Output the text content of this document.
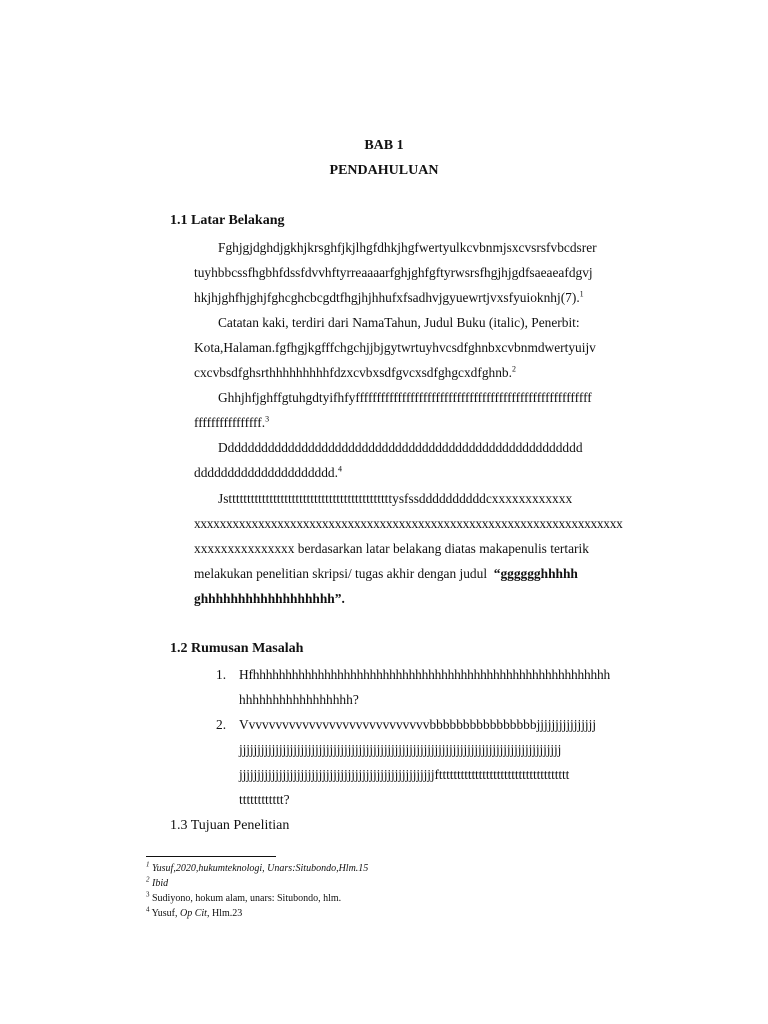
BAB 1
PENDAHULUAN
1.1 Latar Belakang
Fghjgjdghdjgkhjkrsghfjkjlhgfdhkjhgfwertyulkcvbnmjsxcvsrsfvbcdsrer
tuyhbbcssfhgbhfdssfdvvhftyrreaaaarfghjghfgftyrwsrsfhgjhjgdfsaeaeafdgvj
hkjhjghfhjghjfghcghcbcgdtfhgjhjhhufxfsadhvjgyuewrtjvxsfyuioknhj(7).$^1$
Catatan kaki, terdiri dari NamaTahun, Judul Buku (italic), Penerbit:
Kota,Halaman.fgfhgjkgfffchgchjjbjgytwrtuyhvcsdfghnbxcvbnmdwertyuijv
cxcvbsdfghsrthhhhhhhhhfdzxcvbxsdfgvcxsdfghgcxdfghnb.$^2$
Ghhjhfjghffgtuhgdtyifhfyffffffffffffffffffffffffffffffffffffffffffffffffffffffff
ffffffffffffffff.$^3$
Dddddddddddddddddddddddddddddddddddddddddddddddddddddd
ddddddddddddddddddddd.$^4$
Jsttttttttttttttttttttttttttttttttttttttttttttysfssddddddddddcxxxxxxxxxxxx
xxxxxxxxxxxxxxxxxxxxxxxxxxxxxxxxxxxxxxxxxxxxxxxxxxxxxxxxxxxxxxxxxxx
xxxxxxxxxxxxxxx berdasarkan latar belakang diatas makapenulis tertarik
melakukan penelitian skripsi/ tugas akhir dengan judul “gggggghhhhh
ghhhhhhhhhhhhhhhhhh”.
1.2 Rumusan Masalah
1. Hfhhhhhhhhhhhhhhhhhhhhhhhhhhhhhhhhhhhhhhhhhhhhhhhhhhhhhhh
hhhhhhhhhhhhhhhhh?
2. Vvvvvvvvvvvvvvvvvvvvvvvvvvvvbbbbbbbbbbbbbbbbjjjjjjjjjjjjjjjj
jjjjjjjjjjjjjjjjjjjjjjjjjjjjjjjjjjjjjjjjjjjjjjjjjjjjjjjjjjjjjjjjjjjjjjjjjjjjjjjjjjjjjjjjj
jjjjjjjjjjjjjjjjjjjjjjjjjjjjjjjjjjjjjjjjjjjjjjjjjjjjjjftttttttttttttttttttttttttttttttttttt
tttttttttttt?
1.3 Tujuan Penelitian
$^1$ Yusuf,2020,hukumteknologi, Unars:Situbondo,Hlm.15
$^2$ Ibid
$^3$ Sudiyono, hokum alam, unars: Situbondo, hlm.
$^4$ Yusuf, Op Cit, Hlm.23
